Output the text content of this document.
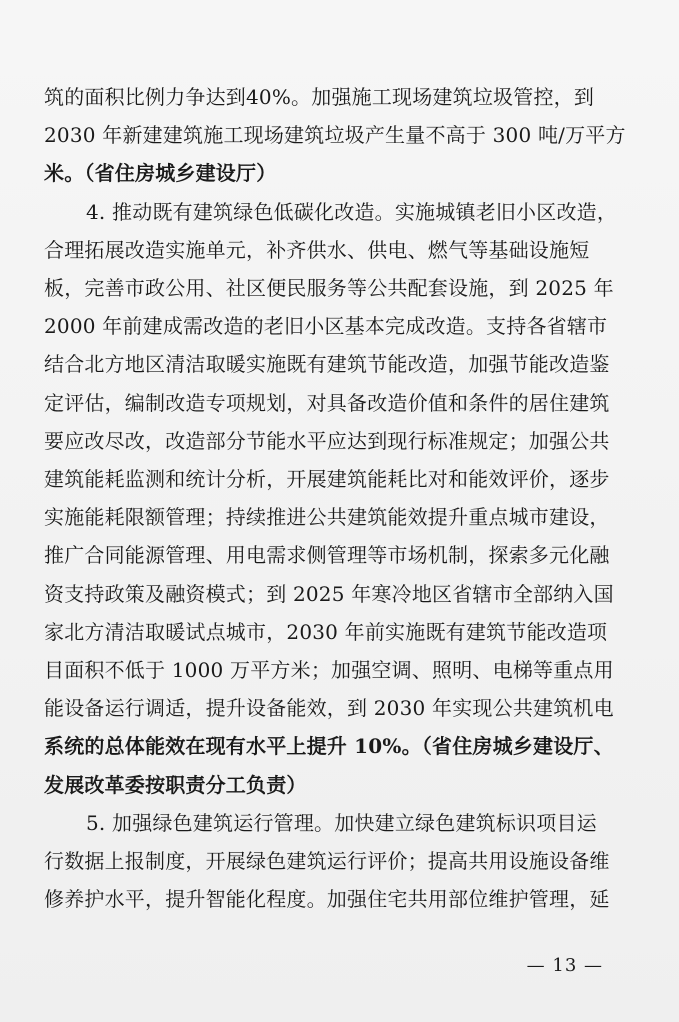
筑的面积比例力争达到40%。加强施工现场建筑垃圾管控，到
2030 年新建建筑施工现场建筑垃圾产生量不高于 300 吨/万平方
米。（省住房城乡建设厅）
4. 推动既有建筑绿色低碳化改造。实施城镇老旧小区改造，
合理拓展改造实施单元，补齐供水、供电、燃气等基础设施短
板，完善市政公用、社区便民服务等公共配套设施，到 2025 年
2000 年前建成需改造的老旧小区基本完成改造。支持各省辖市
结合北方地区清洁取暖实施既有建筑节能改造，加强节能改造鉴
定评估，编制改造专项规划，对具备改造价值和条件的居住建筑
要应改尽改，改造部分节能水平应达到现行标准规定；加强公共
建筑能耗监测和统计分析，开展建筑能耗比对和能效评价，逐步
实施能耗限额管理；持续推进公共建筑能效提升重点城市建设，
推广合同能源管理、用电需求侧管理等市场机制，探索多元化融
资支持政策及融资模式；到 2025 年寒冷地区省辖市全部纳入国
家北方清洁取暖试点城市，2030 年前实施既有建筑节能改造项
目面积不低于 1000 万平方米；加强空调、照明、电梯等重点用
能设备运行调适，提升设备能效，到 2030 年实现公共建筑机电
系统的总体能效在现有水平上提升 10%。（省住房城乡建设厅、
发展改革委按职责分工负责）
5. 加强绿色建筑运行管理。加快建立绿色建筑标识项目运
行数据上报制度，开展绿色建筑运行评价；提高共用设施设备维
修养护水平，提升智能化程度。加强住宅共用部位维护管理，延
— 13 —
